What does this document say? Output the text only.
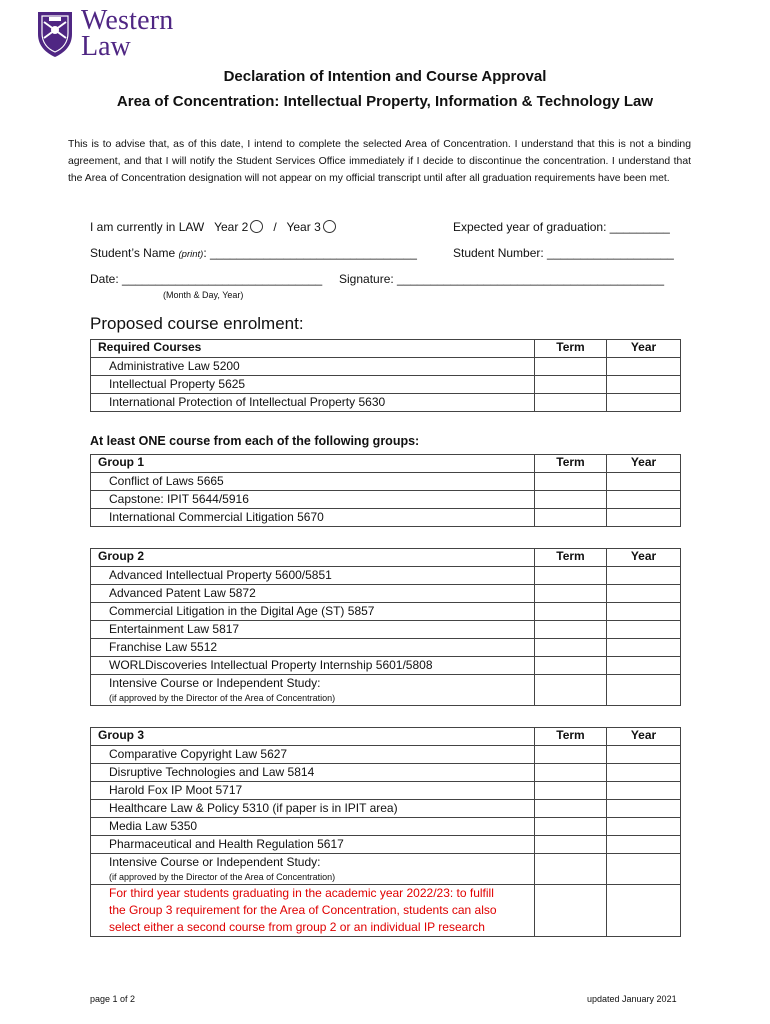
Western
Law
Declaration of Intention and Course Approval
Area of Concentration: Intellectual Property, Information & Technology Law
This is to advise that, as of this date, I intend to complete the selected Area of Concentration. I understand that this is not a binding agreement, and that I will notify the Student Services Office immediately if I decide to discontinue the concentration. I understand that the Area of Concentration designation will not appear on my official transcript until after all graduation requirements have been met.
I am currently in LAW Year 2 / Year 3	Expected year of graduation: _________
Student’s Name (print): _______________________________	Student Number: ___________________
Date: ______________________________ Signature: ________________________________________
(Month & Day, Year)
Proposed course enrolment:
Required Courses	Term	Year

Administrative Law 5200		

Intellectual Property 5625		

International Protection of Intellectual Property 5630		

At least ONE course from each of the following groups:
Group 1	Term	Year

Conflict of Laws 5665		

Capstone: IPIT 5644/5916		

International Commercial Litigation 5670		

Group 2	Term	Year

Advanced Intellectual Property 5600/5851		

Advanced Patent Law 5872		

Commercial Litigation in the Digital Age (ST) 5857		

Entertainment Law 5817		

Franchise Law 5512		

WORLDiscoveries Intellectual Property Internship 5601/5808		

Intensive Course or Independent Study:
(if approved by the Director of the Area of Concentration)		

Group 3	Term	Year

Comparative Copyright Law 5627		

Disruptive Technologies and Law 5814		

Harold Fox IP Moot 5717		

Healthcare Law & Policy 5310 (if paper is in IPIT area)		

Media Law 5350		

Pharmaceutical and Health Regulation 5617		

Intensive Course or Independent Study:
(if approved by the Director of the Area of Concentration)		

For third year students graduating in the academic year 2022/23: to fulfill
the Group 3 requirement for the Area of Concentration, students can also
select either a second course from group 2 or an individual IP research		

page 1 of 2	updated January 2021
